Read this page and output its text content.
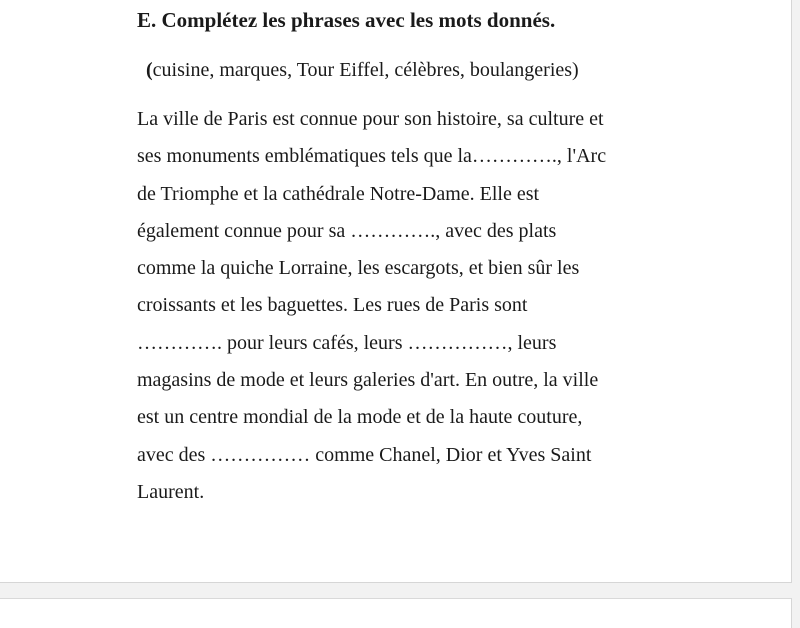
E. Complétez les phrases avec les mots donnés.

(cuisine, marques, Tour Eiffel, célèbres, boulangeries)

La ville de Paris est connue pour son histoire, sa culture et
ses monuments emblématiques tels que la…………., l'Arc
de Triomphe et la cathédrale Notre-Dame. Elle est
également connue pour sa …………., avec des plats
comme la quiche Lorraine, les escargots, et bien sûr les
croissants et les baguettes. Les rues de Paris sont
…………. pour leurs cafés, leurs ……………, leurs
magasins de mode et leurs galeries d'art. En outre, la ville
est un centre mondial de la mode et de la haute couture,
avec des …………… comme Chanel, Dior et Yves Saint
Laurent.
